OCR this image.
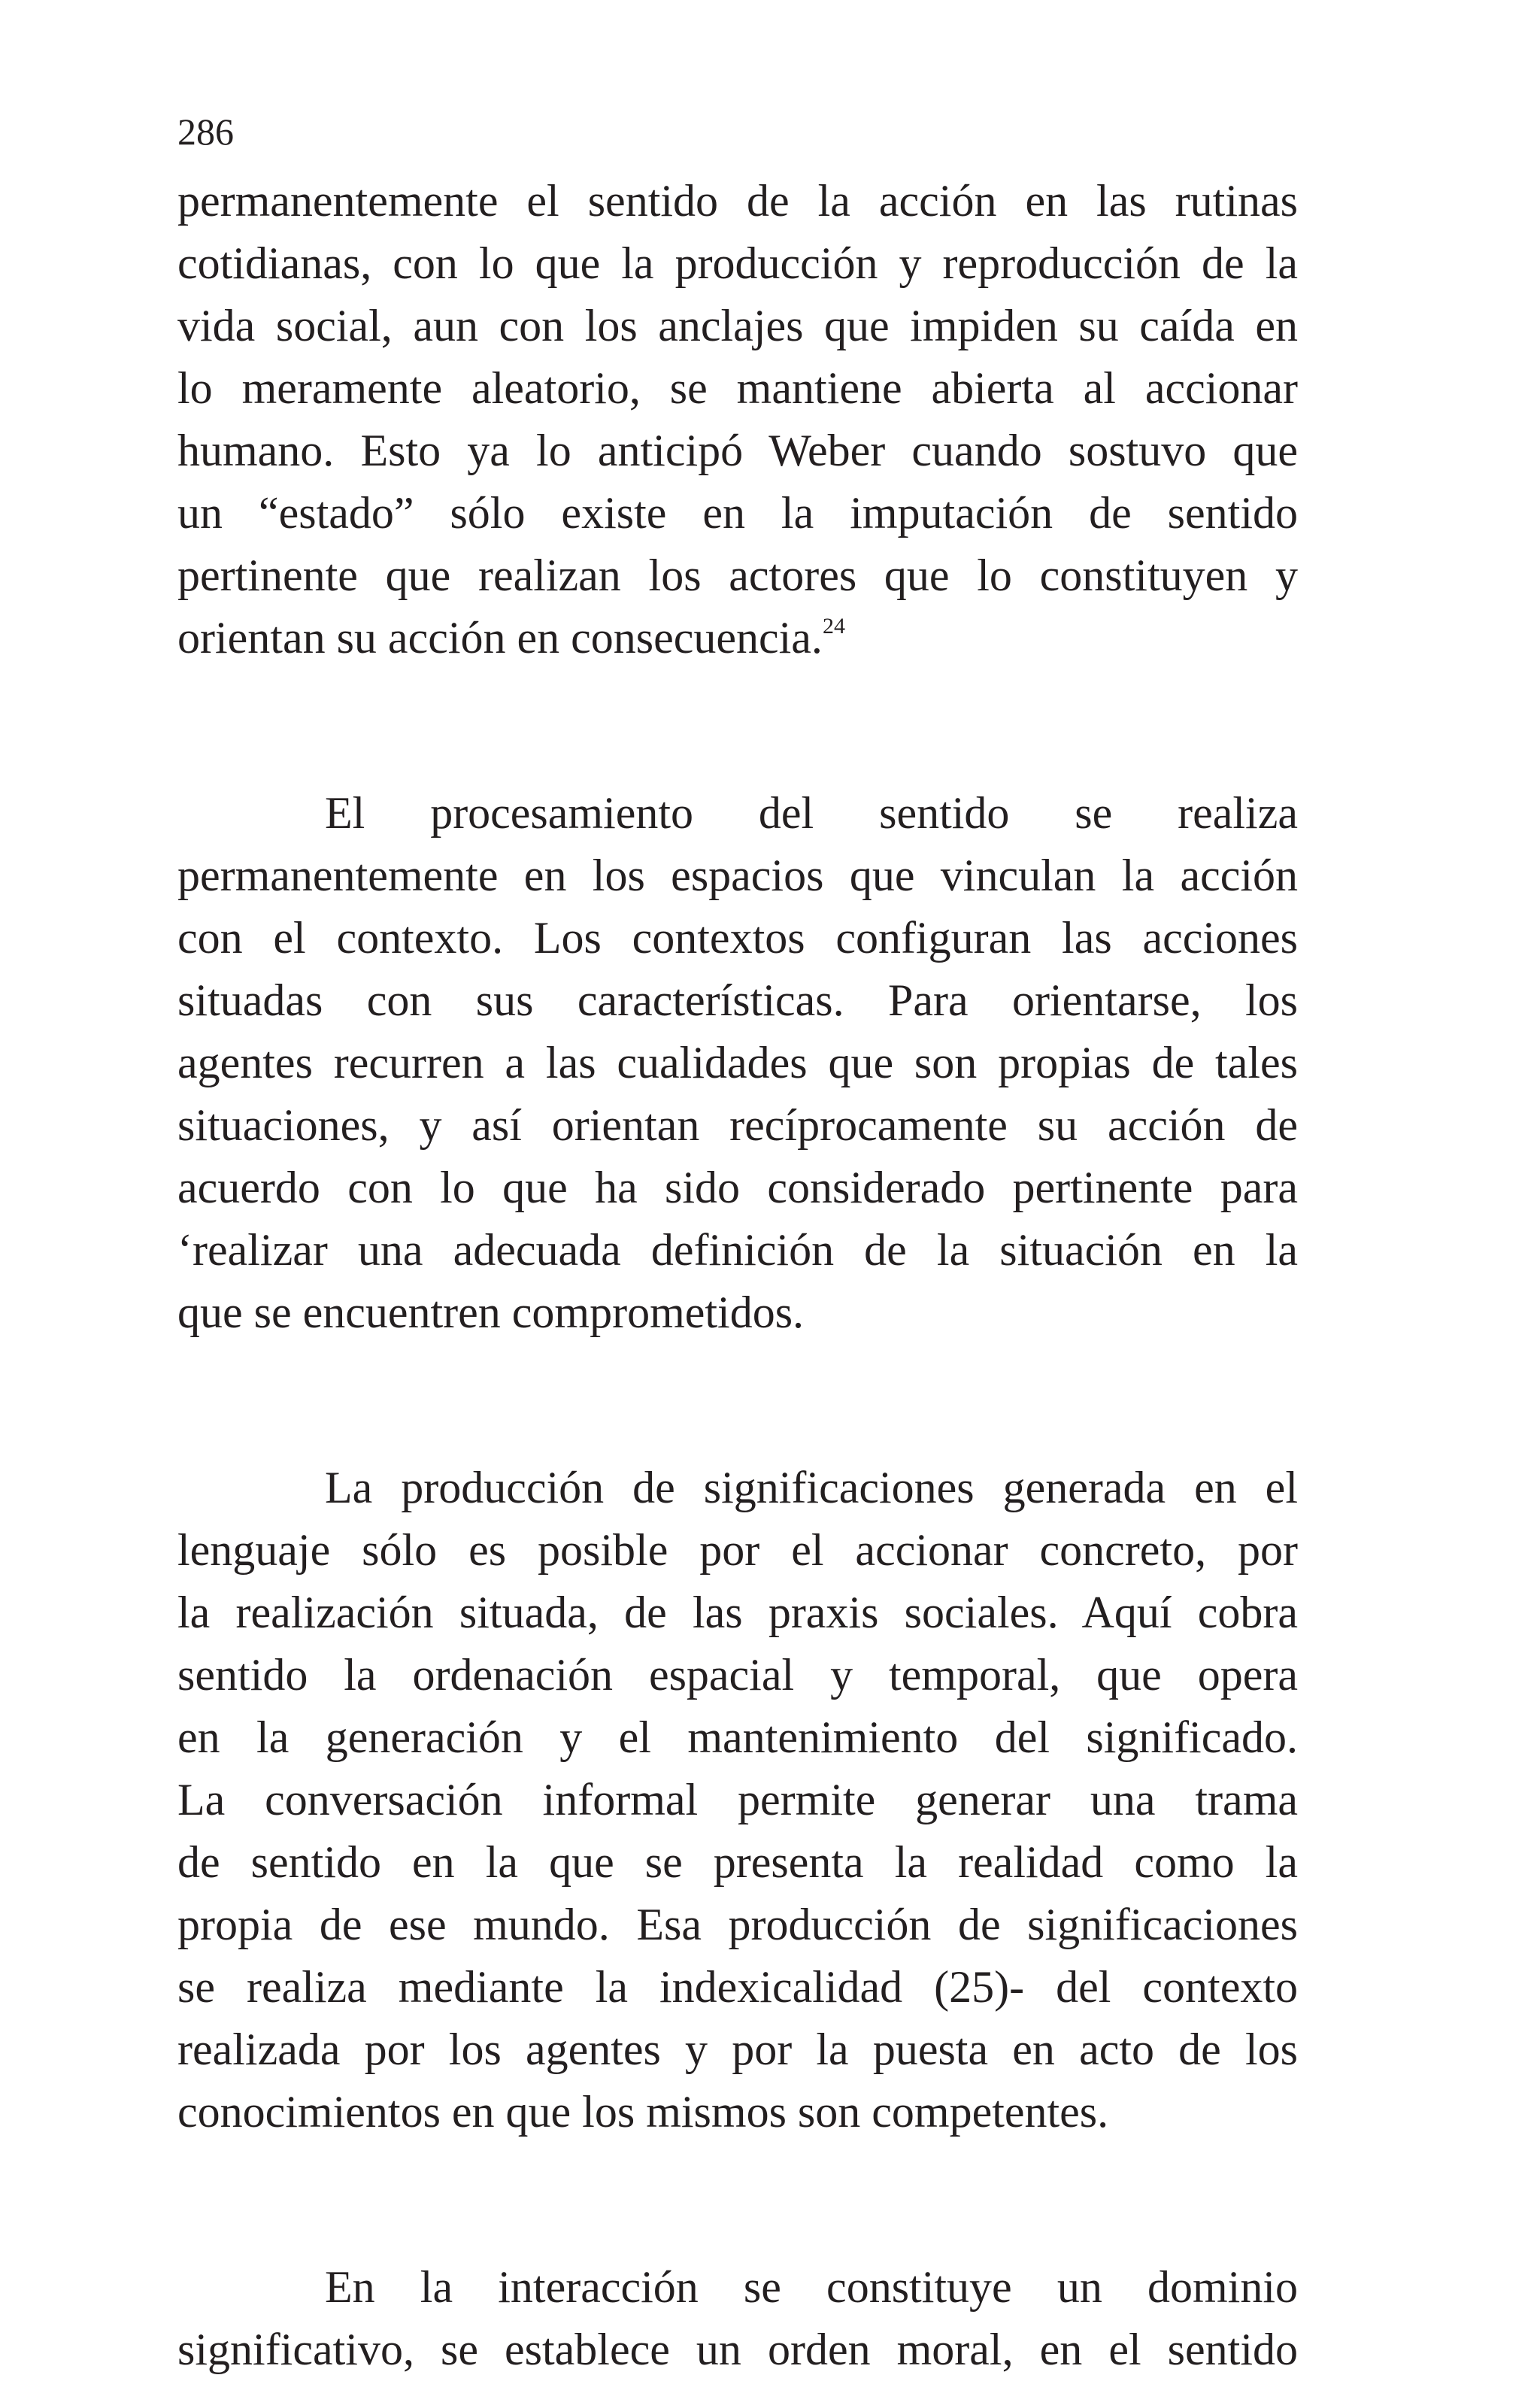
286
permanentemente el sentido de la acción en las rutinas
cotidianas, con lo que la producción y reproducción de la
vida social, aun con los anclajes que impiden su caída en
lo meramente aleatorio, se mantiene abierta al accionar
humano. Esto ya lo anticipó Weber cuando sostuvo que
un “estado” sólo existe en la imputación de sentido
pertinente que realizan los actores que lo constituyen y
orientan su acción en consecuencia.$^{24}$
El procesamiento del sentido se realiza
permanentemente en los espacios que vinculan la acción
con el contexto. Los contextos configuran las acciones
situadas con sus características. Para orientarse, los
agentes recurren a las cualidades que son propias de tales
situaciones, y así orientan recíprocamente su acción de
acuerdo con lo que ha sido considerado pertinente para
‘realizar una adecuada definición de la situación en la
que se encuentren comprometidos.
La producción de significaciones generada en el
lenguaje sólo es posible por el accionar concreto, por
la realización situada, de las praxis sociales. Aquí cobra
sentido la ordenación espacial y temporal, que opera
en la generación y el mantenimiento del significado.
La conversación informal permite generar una trama
de sentido en la que se presenta la realidad como la
propia de ese mundo. Esa producción de significaciones
se realiza mediante la indexicalidad (25)- del contexto
realizada por los agentes y por la puesta en acto de los
conocimientos en que los mismos son competentes.
En la interacción se constituye un dominio
significativo, se establece un orden moral, en el sentido
